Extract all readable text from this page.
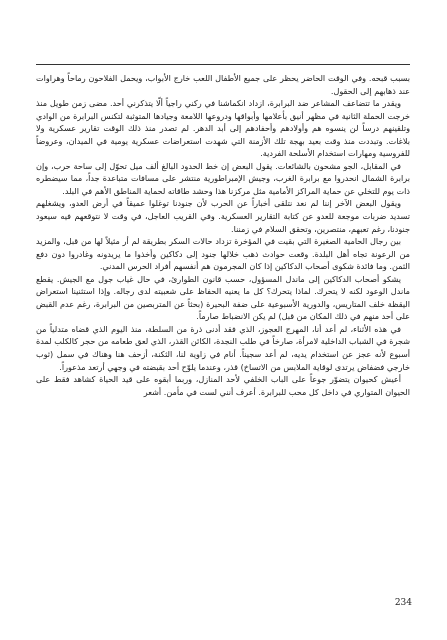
بسبب قبحه. وفي الوقت الحاضر يحظر على جميع الأطفال اللعب خارج الأبواب، ويحمل الفلاحون رماحاً وهراوات عند ذهابهم إلى الحقول.

ويقدر ما تتضاعف المشاعر ضد البرابرة، ازداد انكماشنا في ركني راجياً ألّا يتذكرني أحد. مضى زمن طويل منذ خرجت الحملة الثانية في مظهر أنيق بأعلامها وأبواقها ودروعها اللامعة وجيادها المتوثبة لتكنس البرابرة من الوادي وتلقينهم درساً لن ينسوه هم وأولادهم وأحفادهم إلى أبد الدهر. لم تصدر منذ ذلك الوقت تقارير عسكرية ولا بلاغات. وتبددت منذ وقت بعيد بهجة تلك الأزمنة التي شهدت استعراضات عسكرية يومية في الميدان، وعروضاً للفروسية ومهارات استخدام الأسلحة الفردية.

في المقابل، الجو مشحون بالشائعات. يقول البعض إن خط الحدود البالغ ألف ميل تحوّل إلى ساحة حرب، وإن برابرة الشمال انحدروا مع برابرة الغرب، وجيش الإمبراطورية منتشر على مسافات متباعدة جداً، مما سيضطره ذات يوم للتخلي عن حماية المراكز الأمامية مثل مركزنا هذا وحشد طاقاته لحماية المناطق الأهم في البلد.

ويقول البعض الآخر إننا لم نعد نتلقى أخباراً عن الحرب لأن جنودنا توغلوا عميقاً في أرض العدو، ويشغلهم تسديد ضربات موجعة للعدو عن كتابة التقارير العسكرية. وفي القريب العاجل، في وقت لا نتوقعهم فيه سيعود جنودنا، رغم تعبهم، منتصرين، وتحقق السلام في زمننا.

بين رجال الحامية الصغيرة التي بقيت في المؤخرة تزداد حالات السكر بطريقة لم أر مثيلاً لها من قبل، والمزيد من الرعونة تجاه أهل البلدة. وقعت حوادث ذهب خلالها جنود إلى دكاكين وأخذوا ما يريدونه وغادروا دون دفع الثمن. وما فائدة شكوى أصحاب الدكاكين إذا كان المجرمون هم أنفسهم أفراد الحرس المدني.

يشكو أصحاب الدكاكين إلى ماندل المسؤول، حسب قانون الطوارئ، في حال غياب جول مع الجيش. يقطع ماندل الوعود لكنه لا يتحرك. لماذا يتحرك؟ كل ما يعنيه الحفاظ على شعبيته لدى رجاله. وإذا استثنينا استعراض اليقظة خلف المتاريس، والدورية الأسبوعية على ضفة البحيرة (بحثاً عن المتربصين من البرابرة، رغم عدم القبض على أحد منهم في ذلك المكان من قبل) لم يكن الانضباط صارماً.

في هذه الأثناء، لم أعد أنا، المهرج العجوز، الذي فقد أدنى ذرة من السلطة، منذ اليوم الذي قضاه متدلياً من شجرة في الشباب الداخلية لامرأة، صارخاً في طلب النجدة، الكائن القذر، الذي لعق طعامه من حجر كالكلب لمدة أسبوع لأنه عجز عن استخدام يديه، لم أعد سجيناً. أنام في زاوية لنا، الثكنة، أزحف هنا وهناك في سمل (ثوب خارجي فضفاض يرتدى لوقاية الملابس من الاتساخ) قذر، وعندما يلوّح أحد بقبضته في وجهي أرتعد مذعوراً.

أعيش كحيوان يتضوّر جوعاً على الباب الخلفي لأحد المنازل، وربما أبقوه على قيد الحياة كشاهد فقط على الحيوان المتواري في داخل كل محب للبرابرة. أعرف أنني لست في مأمن. أشعر

234
